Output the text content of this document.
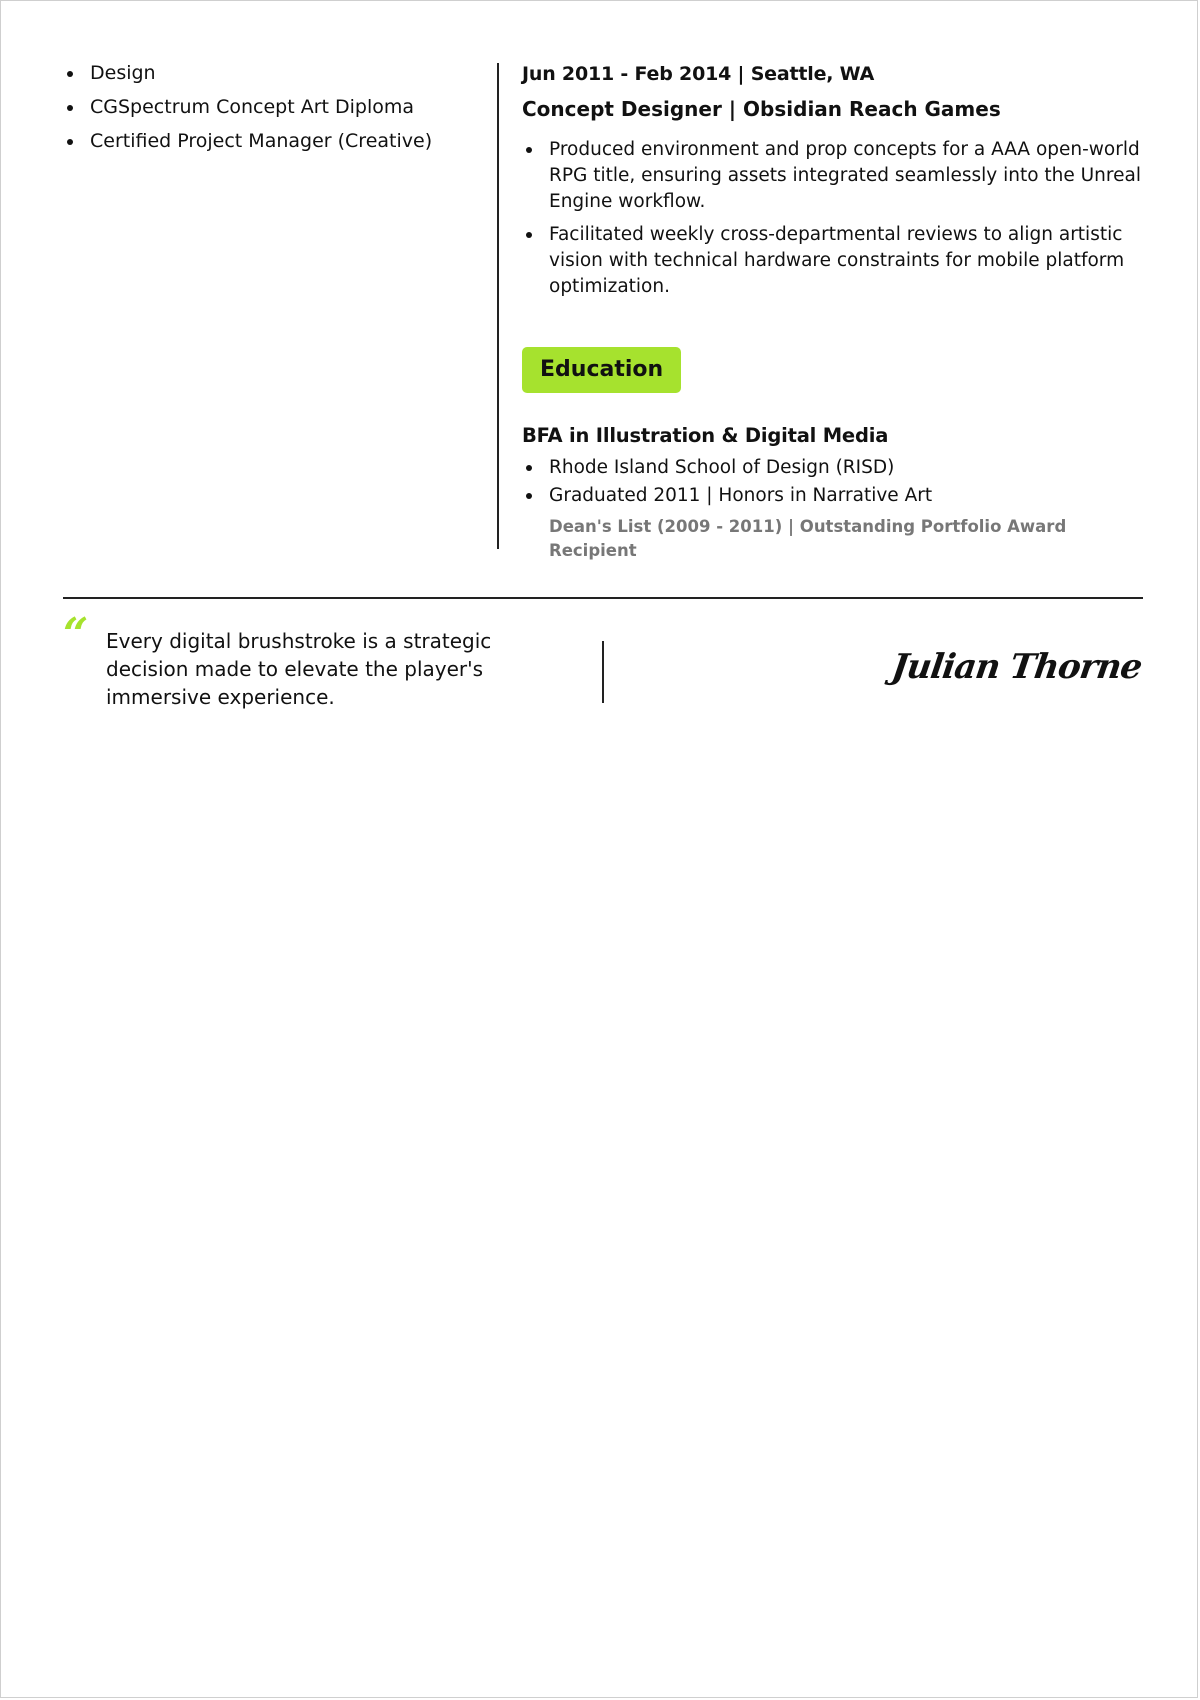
Design
CGSpectrum Concept Art Diploma
Certified Project Manager (Creative)
Jun 2011 - Feb 2014 | Seattle, WA
Concept Designer | Obsidian Reach Games
Produced environment and prop concepts for a AAA open-world RPG title, ensuring assets integrated seamlessly into the Unreal Engine workflow.
Facilitated weekly cross-departmental reviews to align artistic vision with technical hardware constraints for mobile platform optimization.
Education
BFA in Illustration & Digital Media
Rhode Island School of Design (RISD)
Graduated 2011 | Honors in Narrative Art
Dean's List (2009 - 2011) | Outstanding Portfolio Award Recipient
“ Every digital brushstroke is a strategic decision made to elevate the player's immersive experience.
Julian Thorne
